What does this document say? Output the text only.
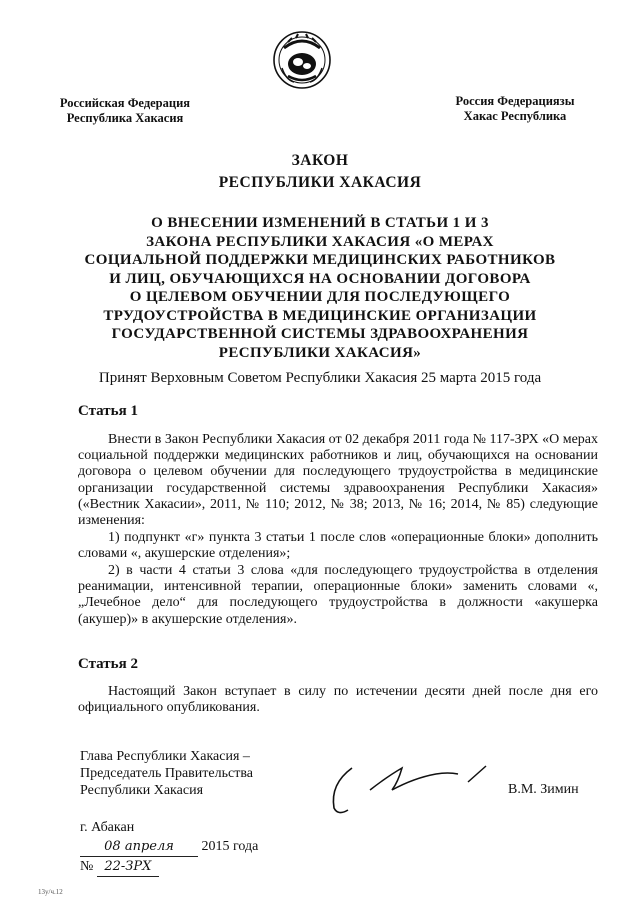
Российская Федерация
Республика Хакасия
Россия Федерациязы
Хакас Республика
ЗАКОН
РЕСПУБЛИКИ ХАКАСИЯ
О ВНЕСЕНИИ ИЗМЕНЕНИЙ В СТАТЬИ 1 И 3
ЗАКОНА РЕСПУБЛИКИ ХАКАСИЯ «О МЕРАХ
СОЦИАЛЬНОЙ ПОДДЕРЖКИ МЕДИЦИНСКИХ РАБОТНИКОВ
И ЛИЦ, ОБУЧАЮЩИХСЯ НА ОСНОВАНИИ ДОГОВОРА
О ЦЕЛЕВОМ ОБУЧЕНИИ ДЛЯ ПОСЛЕДУЮЩЕГО
ТРУДОУСТРОЙСТВА В МЕДИЦИНСКИЕ ОРГАНИЗАЦИИ
ГОСУДАРСТВЕННОЙ СИСТЕМЫ ЗДРАВООХРАНЕНИЯ
РЕСПУБЛИКИ ХАКАСИЯ»
Принят Верховным Советом Республики Хакасия 25 марта 2015 года
Статья 1

Внести в Закон Республики Хакасия от 02 декабря 2011 года № 117-ЗРХ «О мерах социальной поддержки медицинских работников и лиц, обучающихся на основании договора о целевом обучении для последующего трудоустройства в медицинские организации государственной системы здравоохранения Республики Хакасия» («Вестник Хакасии», 2011, № 110; 2012, № 38; 2013, № 16; 2014, № 85) следующие изменения:

1) подпункт «г» пункта 3 статьи 1 после слов «операционные блоки» дополнить словами «, акушерские отделения»;

2) в части 4 статьи 3 слова «для последующего трудоустройства в отделения реанимации, интенсивной терапии, операционные блоки» заменить словами «, „Лечебное дело“ для последующего трудоустройства в должности «акушерка (акушер)» в акушерские отделения».

Статья 2

Настоящий Закон вступает в силу по истечении десяти дней после дня его официального опубликования.

Глава Республики Хакасия –
Председатель Правительства
Республики Хакасия	В.М. Зимин
г. Абакан
08 апреля 2015 года
№ 22-ЗРХ
13у/ч.12
